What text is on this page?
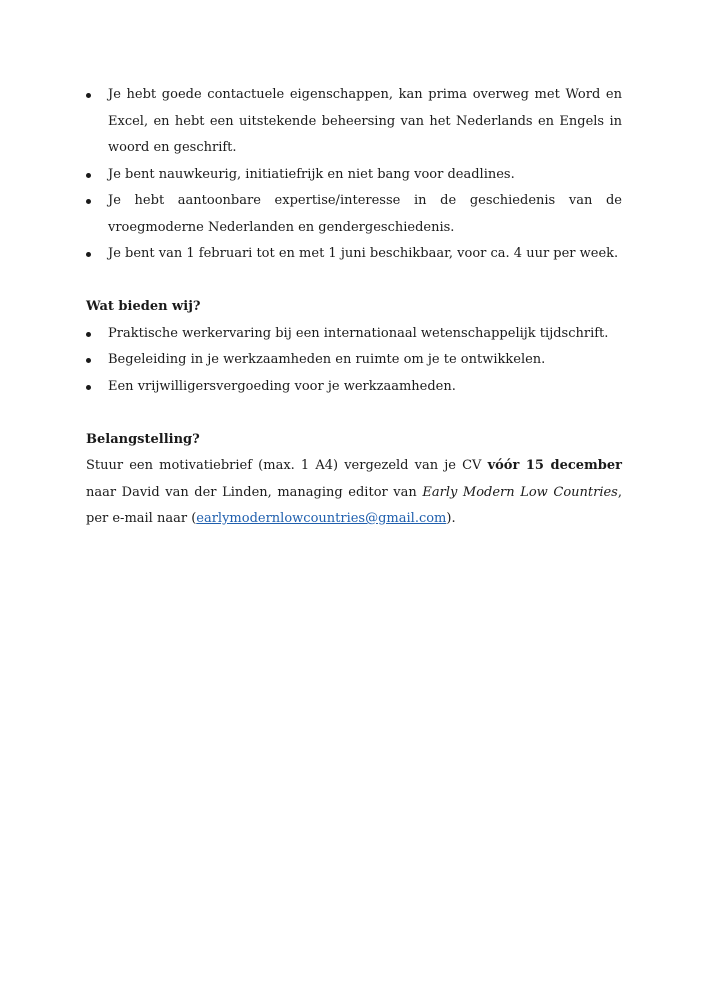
Je hebt goede contactuele eigenschappen, kan prima overweg met Word en Excel, en hebt een uitstekende beheersing van het Nederlands en Engels in woord en geschrift.
Je bent nauwkeurig, initiatiefrijk en niet bang voor deadlines.
Je hebt aantoonbare expertise/interesse in de geschiedenis van de vroegmoderne Nederlanden en gendergeschiedenis.
Je bent van 1 februari tot en met 1 juni beschikbaar, voor ca. 4 uur per week.

Wat bieden wij?

Praktische werkervaring bij een internationaal wetenschappelijk tijdschrift.
Begeleiding in je werkzaamheden en ruimte om je te ontwikkelen.
Een vrijwilligersvergoeding voor je werkzaamheden.

Belangstelling?

Stuur een motivatiebrief (max. 1 A4) vergezeld van je CV vóór 15 december naar David van der Linden, managing editor van Early Modern Low Countries, per e-mail naar (earlymodernlowcountries@gmail.com).
